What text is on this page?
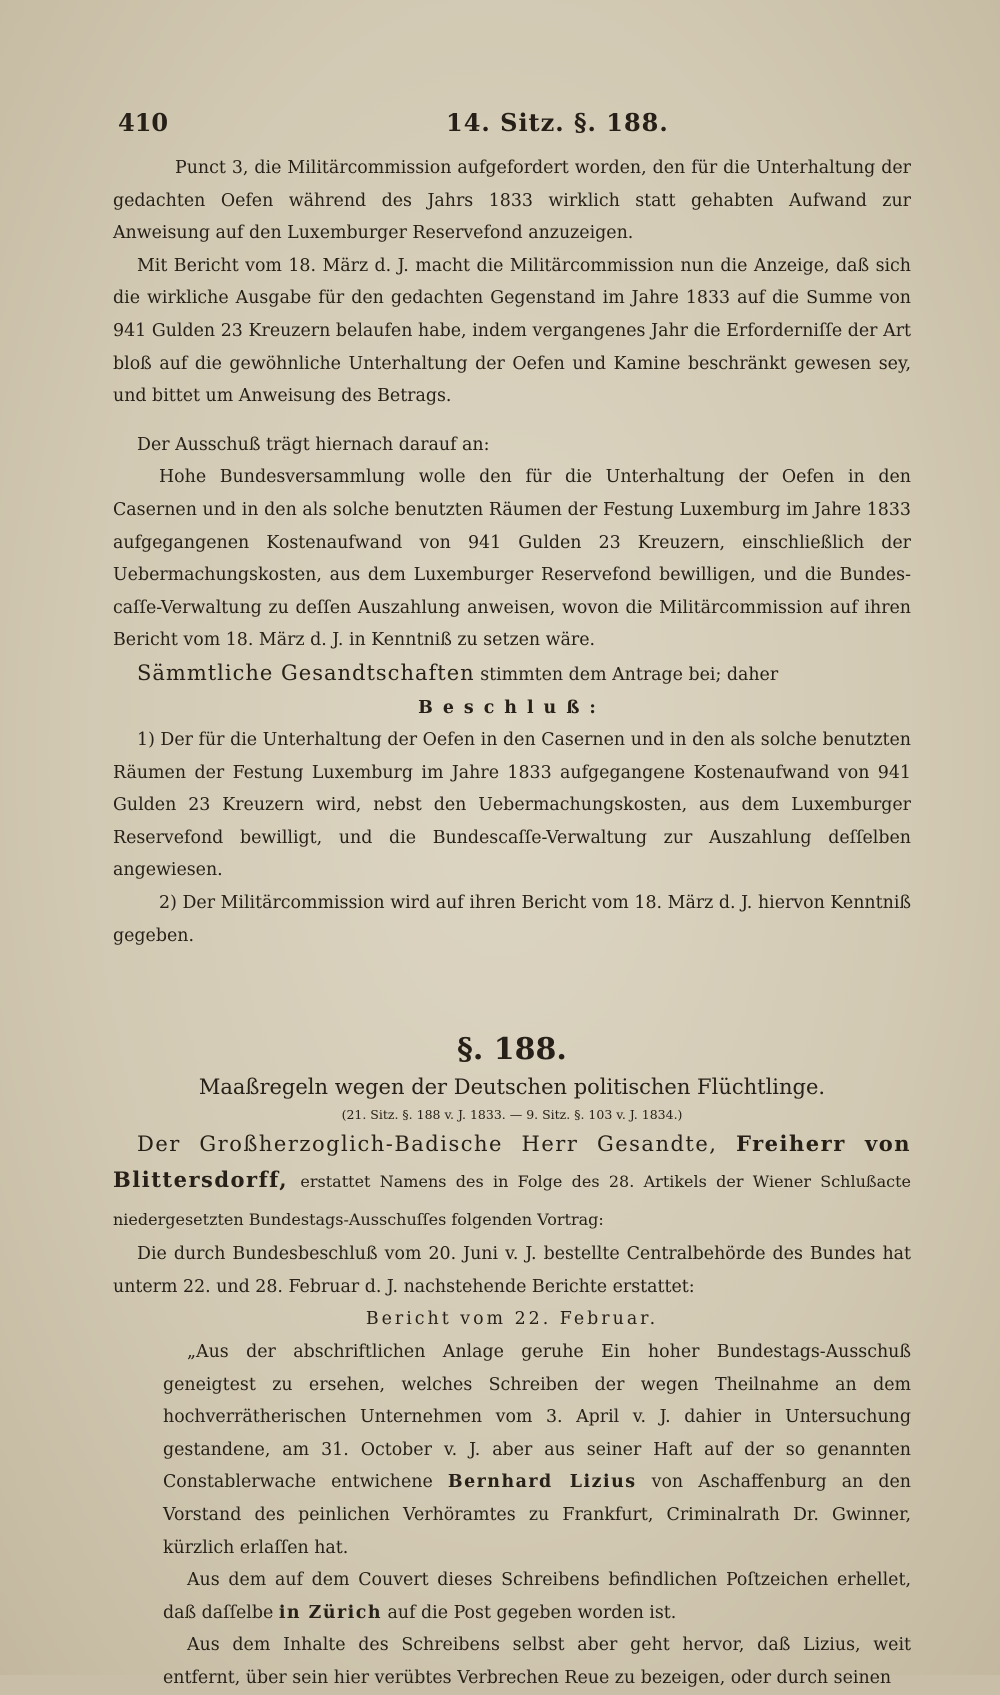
410	14. Sitz. §. 188.

Punct 3, die Militärcommission aufgefordert worden, den für die Unterhaltung der gedachten Oefen während des Jahrs 1833 wirklich statt gehabten Aufwand zur Anweisung auf den Luxemburger Reservefond anzuzeigen.

Mit Bericht vom 18. März d. J. macht die Militärcommission nun die Anzeige, daß sich die wirkliche Ausgabe für den gedachten Gegenstand im Jahre 1833 auf die Summe von 941 Gulden 23 Kreuzern belaufen habe, indem vergangenes Jahr die Erforderniſſe der Art bloß auf die gewöhnliche Unterhaltung der Oefen und Kamine beschränkt gewesen sey, und bittet um Anweisung des Betrags.

Der Ausschuß trägt hiernach darauf an:

Hohe Bundesversammlung wolle den für die Unterhaltung der Oefen in den Casernen und in den als solche benutzten Räumen der Festung Luxemburg im Jahre 1833 aufgegangenen Kostenaufwand von 941 Gulden 23 Kreuzern, einschließlich der Uebermachungskosten, aus dem Luxemburger Reservefond bewilligen, und die Bundes-caſſe-Verwaltung zu deſſen Auszahlung anweisen, wovon die Militärcommission auf ihren Bericht vom 18. März d. J. in Kenntniß zu setzen wäre.

Sämmtliche Gesandtschaften stimmten dem Antrage bei; daher

Beschluß:

1) Der für die Unterhaltung der Oefen in den Casernen und in den als solche benutzten Räumen der Festung Luxemburg im Jahre 1833 aufgegangene Kostenaufwand von 941 Gulden 23 Kreuzern wird, nebst den Uebermachungskosten, aus dem Luxemburger Reservefond bewilligt, und die Bundescaſſe-Verwaltung zur Auszahlung deſſelben angewiesen.

2) Der Militärcommission wird auf ihren Bericht vom 18. März d. J. hiervon Kenntniß gegeben.

§. 188.
Maaßregeln wegen der Deutschen politischen Flüchtlinge.
(21. Sitz. §. 188 v. J. 1833. — 9. Sitz. §. 103 v. J. 1834.)

Der Großherzoglich-Badische Herr Gesandte, Freiherr von Blittersdorff, erstattet Namens des in Folge des 28. Artikels der Wiener Schlußacte niedergesetzten Bundestags-Ausschuſſes folgenden Vortrag:

Die durch Bundesbeschluß vom 20. Juni v. J. bestellte Centralbehörde des Bundes hat unterm 22. und 28. Februar d. J. nachstehende Berichte erstattet:

Bericht vom 22. Februar.

„Aus der abschriftlichen Anlage geruhe Ein hoher Bundestags-Ausschuß geneigtest zu ersehen, welches Schreiben der wegen Theilnahme an dem hochverrätherischen Unternehmen vom 3. April v. J. dahier in Untersuchung gestandene, am 31. October v. J. aber aus seiner Haft auf der so genannten Constablerwache entwichene Bernhard Lizius von Aschaffenburg an den Vorstand des peinlichen Verhöramtes zu Frankfurt, Criminalrath Dr. Gwinner, kürzlich erlaſſen hat.

Aus dem auf dem Couvert dieses Schreibens befindlichen Poſtzeichen erhellet, daß daſſelbe in Zürich auf die Post gegeben worden ist.

Aus dem Inhalte des Schreibens selbst aber geht hervor, daß Lizius, weit entfernt, über sein hier verübtes Verbrechen Reue zu bezeigen, oder durch seinen
